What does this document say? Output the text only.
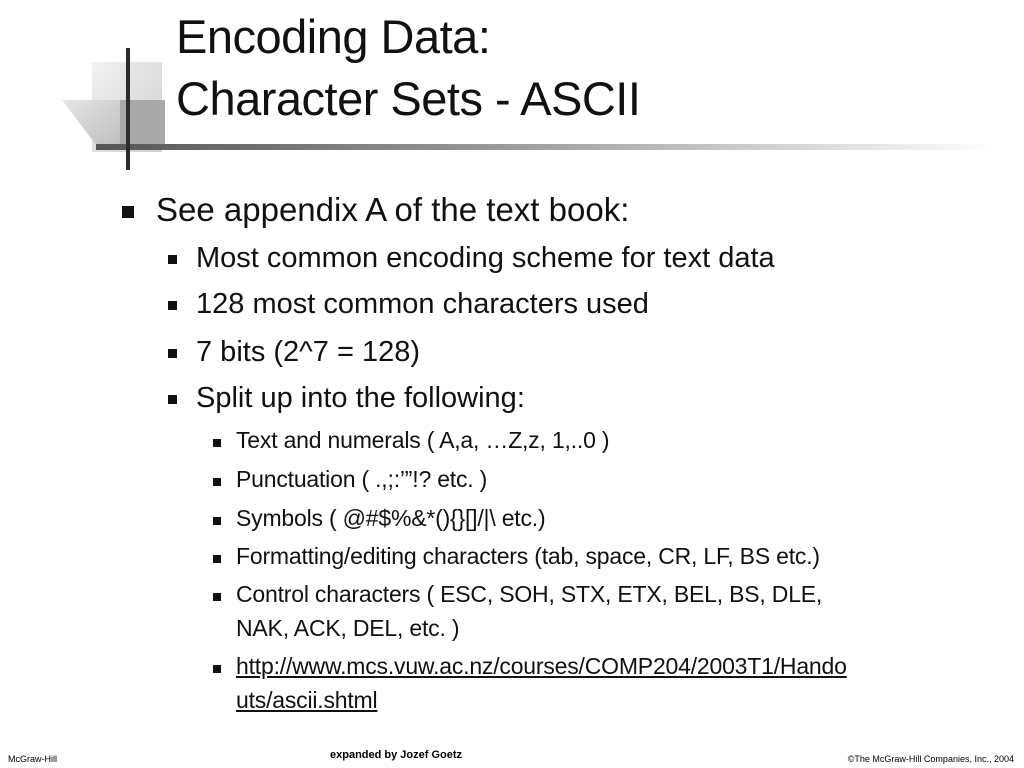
Encoding Data:
Character Sets - ASCII
See appendix A of the text book:
Most common encoding scheme for text data
128 most common characters used
7 bits (2^7 = 128)
Split up into the following:
Text and numerals ( A,a, …Z,z, 1,..0 )
Punctuation ( .,;:’”!? etc. )
Symbols ( @#$%&*(){}[]/|\ etc.)
Formatting/editing characters (tab, space, CR, LF, BS etc.)
Control characters ( ESC, SOH, STX, ETX, BEL, BS, DLE,
NAK, ACK, DEL, etc. )
http://www.mcs.vuw.ac.nz/courses/COMP204/2003T1/Hando
uts/ascii.shtml
McGraw-Hill	expanded by Jozef Goetz	©The McGraw-Hill Companies, Inc., 2004
